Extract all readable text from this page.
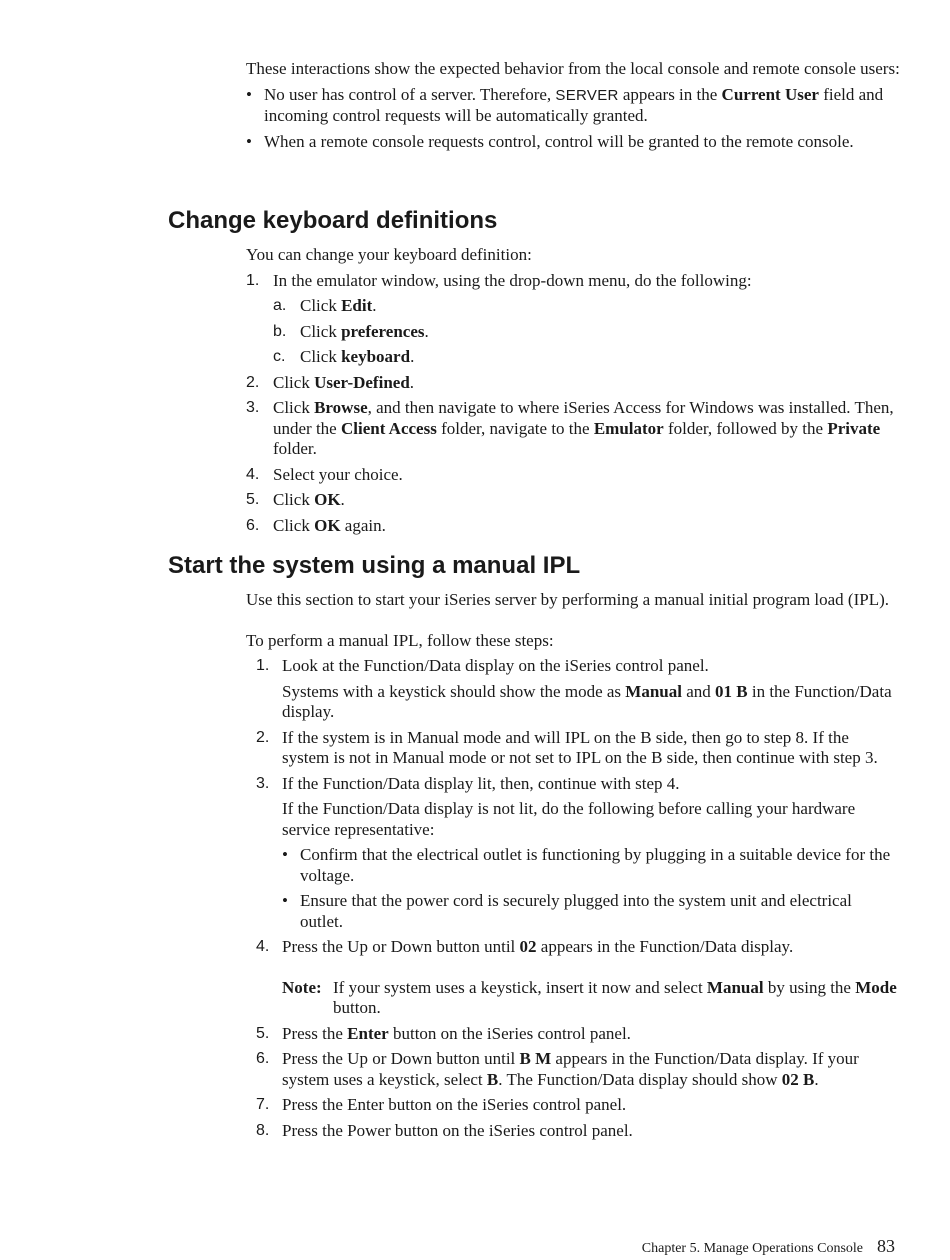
These interactions show the expected behavior from the local console and remote console users:

• No user has control of a server. Therefore, SERVER appears in the Current User field and incoming control requests will be automatically granted.
• When a remote console requests control, control will be granted to the remote console.
Change keyboard definitions

You can change your keyboard definition:

1. In the emulator window, using the drop-down menu, do the following:
a. Click Edit.
b. Click preferences.
c. Click keyboard.
2. Click User-Defined.
3. Click Browse, and then navigate to where iSeries Access for Windows was installed. Then, under the Client Access folder, navigate to the Emulator folder, followed by the Private folder.
4. Select your choice.
5. Click OK.
6. Click OK again.
Start the system using a manual IPL

Use this section to start your iSeries server by performing a manual initial program load (IPL).

To perform a manual IPL, follow these steps:

1. Look at the Function/Data display on the iSeries control panel.

Systems with a keystick should show the mode as Manual and 01 B in the Function/Data display.

2. If the system is in Manual mode and will IPL on the B side, then go to step 8. If the system is not in Manual mode or not set to IPL on the B side, then continue with step 3.

3. If the Function/Data display lit, then, continue with step 4.

If the Function/Data display is not lit, do the following before calling your hardware service representative:

• Confirm that the electrical outlet is functioning by plugging in a suitable device for the voltage.
• Ensure that the power cord is securely plugged into the system unit and electrical outlet.
4. Press the Up or Down button until 02 appears in the Function/Data display.

Note: If your system uses a keystick, insert it now and select Manual by using the Mode button.
5. Press the Enter button on the iSeries control panel.
6. Press the Up or Down button until B M appears in the Function/Data display. If your system uses a keystick, select B. The Function/Data display should show 02 B.
7. Press the Enter button on the iSeries control panel.
8. Press the Power button on the iSeries control panel.
Chapter 5. Manage Operations Console 83
